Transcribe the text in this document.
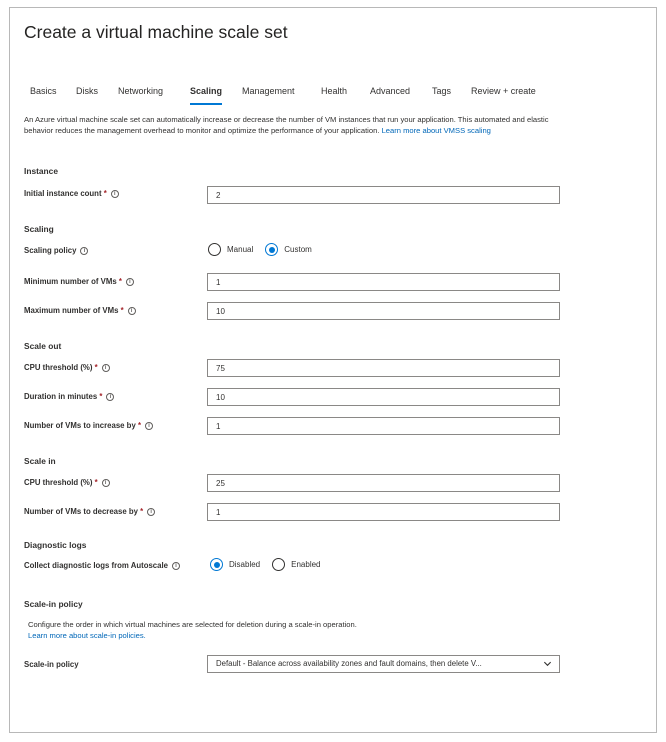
Create a virtual machine scale set
Basics Disks Networking	Scaling Management	Health	Advanced Tags Review + create
An Azure virtual machine scale set can automatically increase or decrease the number of VM instances that run your application. This automated and elastic behavior reduces the management overhead to monitor and optimize the performance of your application. Learn more about VMSS scaling
Instance
Initial instance count *	i
2
Scaling
Scaling policy	i	Manual	Custom
Minimum number of VMs *	i
1
Maximum number of VMs *	i
10
Scale out
CPU threshold (%) *	i
75
Duration in minutes *	i
10
Number of VMs to increase by *	i
1
Scale in
CPU threshold (%) *	i
25
Number of VMs to decrease by *	i
1
Diagnostic logs
Collect diagnostic logs from Autoscale	i	Disabled	Enabled
Scale-in policy
Configure the order in which virtual machines are selected for deletion during a scale-in operation.
Learn more about scale-in policies.
Scale-in policy	Default - Balance across availability zones and fault domains, then delete V...
